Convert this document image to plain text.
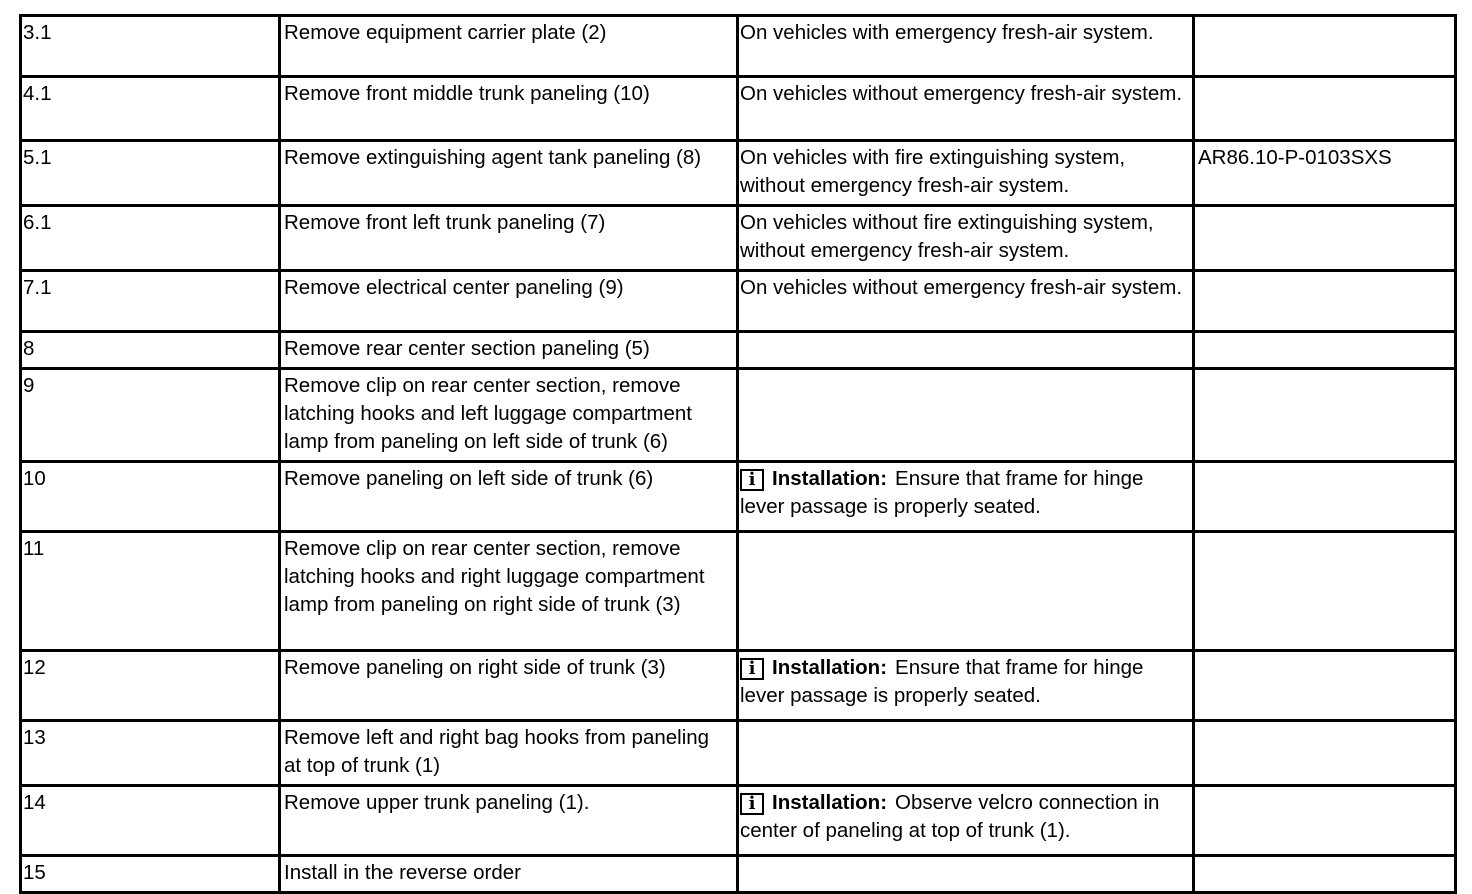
3.1	Remove equipment carrier plate (2)	On vehicles with emergency fresh-air system.	
4.1	Remove front middle trunk paneling (10)	On vehicles without emergency fresh-air system.	
5.1	Remove extinguishing agent tank paneling (8)	On vehicles with fire extinguishing system, without emergency fresh-air system.	AR86.10-P-0103SXS
6.1	Remove front left trunk paneling (7)	On vehicles without fire extinguishing system, without emergency fresh-air system.	
7.1	Remove electrical center paneling (9)	On vehicles without emergency fresh-air system.	
8	Remove rear center section paneling (5)		
9	Remove clip on rear center section, remove latching hooks and left luggage compartment lamp from paneling on left side of trunk (6)		
10	Remove paneling on left side of trunk (6)	i Installation: Ensure that frame for hinge lever passage is properly seated.	
11	Remove clip on rear center section, remove latching hooks and right luggage compartment lamp from paneling on right side of trunk (3)		
12	Remove paneling on right side of trunk (3)	i Installation: Ensure that frame for hinge lever passage is properly seated.	
13	Remove left and right bag hooks from paneling at top of trunk (1)		
14	Remove upper trunk paneling (1).	i Installation: Observe velcro connection in center of paneling at top of trunk (1).	
15	Install in the reverse order		
